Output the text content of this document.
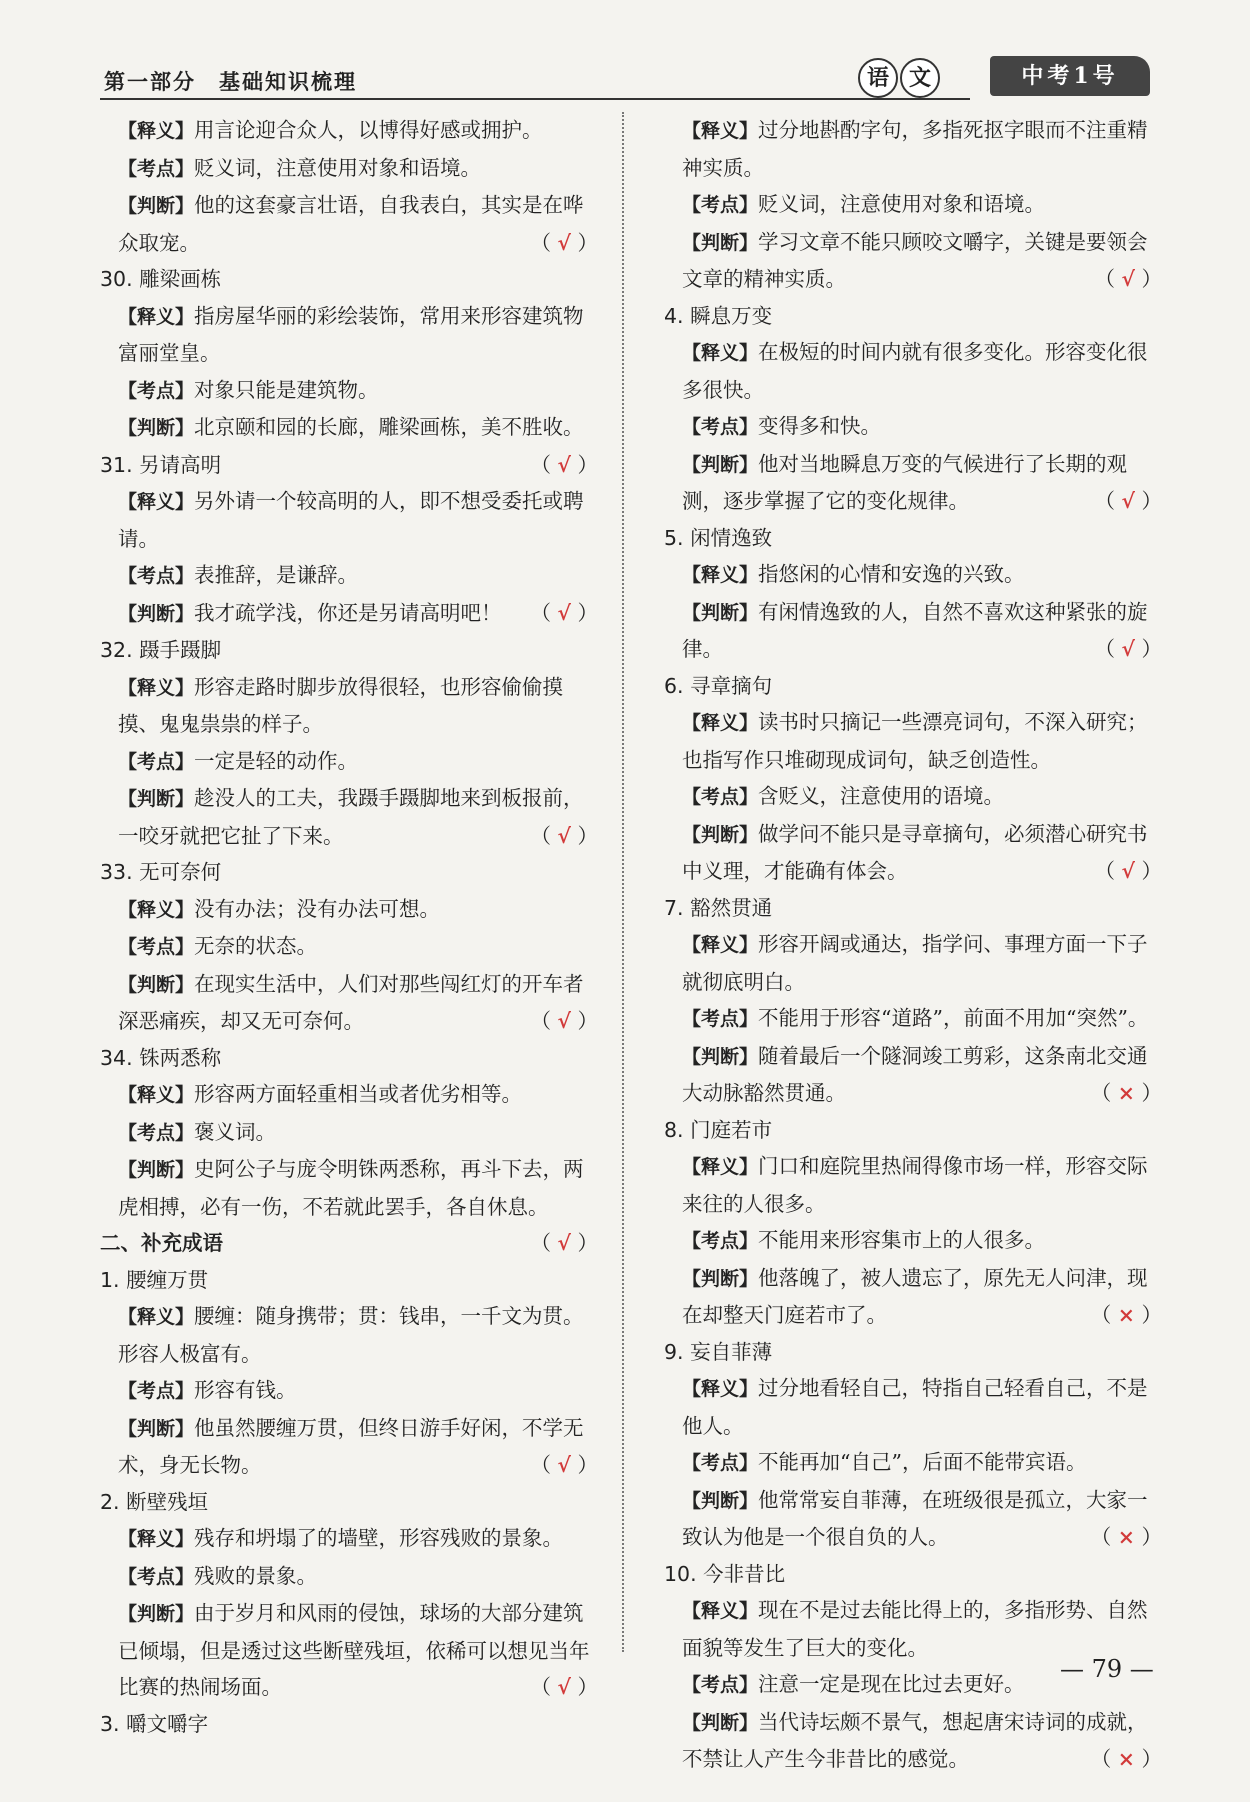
第一部分　基础知识梳理	语 文	中考1号
【释义】用言论迎合众人，以博得好感或拥护。
【考点】贬义词，注意使用对象和语境。
【判断】他的这套豪言壮语，自我表白，其实是在哗众取宠。	（ √ ）
30. 雕梁画栋
【释义】指房屋华丽的彩绘装饰，常用来形容建筑物富丽堂皇。
【考点】对象只能是建筑物。
【判断】北京颐和园的长廊，雕梁画栋，美不胜收。
（ √ ）
31. 另请高明
【释义】另外请一个较高明的人，即不想受委托或聘请。
【考点】表推辞，是谦辞。
【判断】我才疏学浅，你还是另请高明吧！ （ √ ）
32. 蹑手蹑脚
【释义】形容走路时脚步放得很轻，也形容偷偷摸摸、鬼鬼祟祟的样子。
【考点】一定是轻的动作。
【判断】趁没人的工夫，我蹑手蹑脚地来到板报前，一咬牙就把它扯了下来。	（ √ ）
33. 无可奈何
【释义】没有办法；没有办法可想。
【考点】无奈的状态。
【判断】在现实生活中，人们对那些闯红灯的开车者深恶痛疾，却又无可奈何。	（ √ ）
34. 铢两悉称
【释义】形容两方面轻重相当或者优劣相等。
【考点】褒义词。
【判断】史阿公子与庞令明铢两悉称，再斗下去，两虎相搏，必有一伤，不若就此罢手，各自休息。
（ √ ）
二、补充成语
1. 腰缠万贯
【释义】腰缠：随身携带；贯：钱串，一千文为贯。形容人极富有。
【考点】形容有钱。
【判断】他虽然腰缠万贯，但终日游手好闲，不学无术，身无长物。	（ √ ）
2. 断壁残垣
【释义】残存和坍塌了的墙壁，形容残败的景象。
【考点】残败的景象。
【判断】由于岁月和风雨的侵蚀，球场的大部分建筑已倾塌，但是透过这些断壁残垣，依稀可以想见当年比赛的热闹场面。	（ √ ）
3. 嚼文嚼字
【释义】过分地斟酌字句，多指死抠字眼而不注重精神实质。
【考点】贬义词，注意使用对象和语境。
【判断】学习文章不能只顾咬文嚼字，关键是要领会文章的精神实质。	（ √ ）
4. 瞬息万变
【释义】在极短的时间内就有很多变化。形容变化很多很快。
【考点】变得多和快。
【判断】他对当地瞬息万变的气候进行了长期的观测，逐步掌握了它的变化规律。	（ √ ）
5. 闲情逸致
【释义】指悠闲的心情和安逸的兴致。
【判断】有闲情逸致的人，自然不喜欢这种紧张的旋律。	（ √ ）
6. 寻章摘句
【释义】读书时只摘记一些漂亮词句，不深入研究；也指写作只堆砌现成词句，缺乏创造性。
【考点】含贬义，注意使用的语境。
【判断】做学问不能只是寻章摘句，必须潜心研究书中义理，才能确有体会。	（ √ ）
7. 豁然贯通
【释义】形容开阔或通达，指学问、事理方面一下子就彻底明白。
【考点】不能用于形容“道路”，前面不用加“突然”。
【判断】随着最后一个隧洞竣工剪彩，这条南北交通大动脉豁然贯通。	（ × ）
8. 门庭若市
【释义】门口和庭院里热闹得像市场一样，形容交际来往的人很多。
【考点】不能用来形容集市上的人很多。
【判断】他落魄了，被人遗忘了，原先无人问津，现在却整天门庭若市了。	（ × ）
9. 妄自菲薄
【释义】过分地看轻自己，特指自己轻看自己，不是他人。
【考点】不能再加“自己”，后面不能带宾语。
【判断】他常常妄自菲薄，在班级很是孤立，大家一致认为他是一个很自负的人。	（ × ）
10. 今非昔比
【释义】现在不是过去能比得上的，多指形势、自然面貌等发生了巨大的变化。
【考点】注意一定是现在比过去更好。
【判断】当代诗坛颇不景气，想起唐宋诗词的成就，不禁让人产生今非昔比的感觉。	（ × ）
— 79 —
